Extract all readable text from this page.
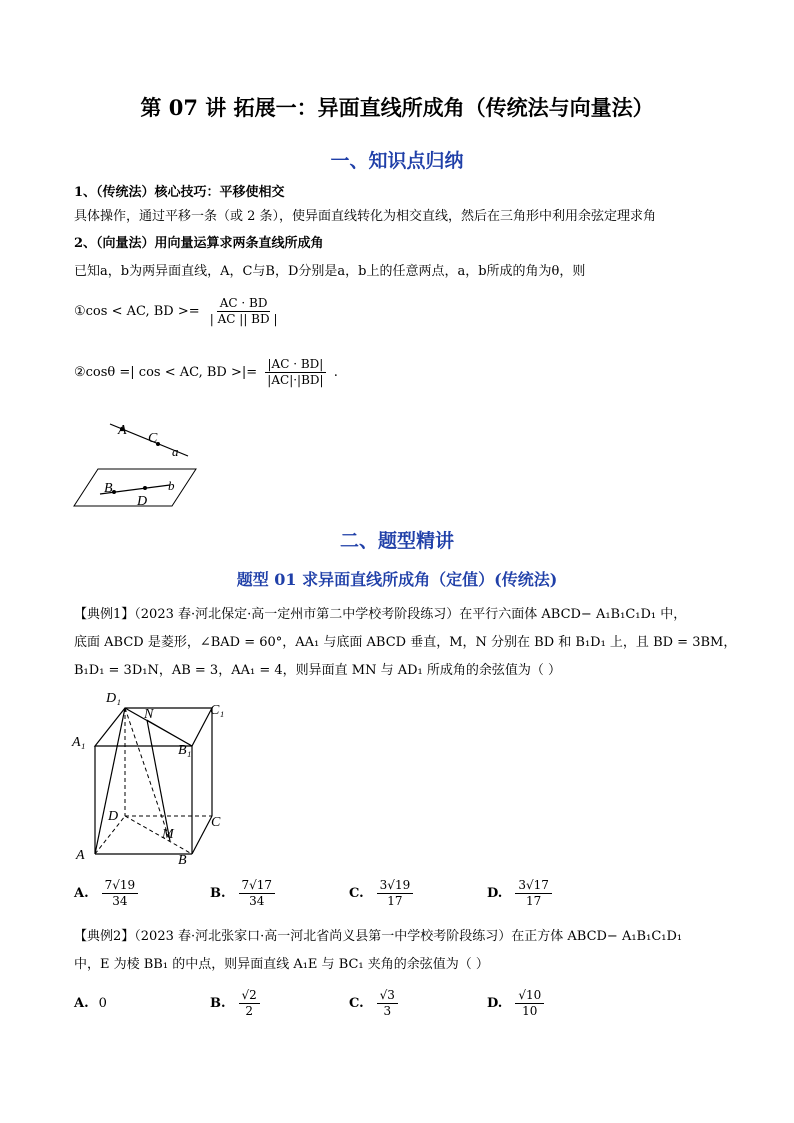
第 07 讲 拓展一：异面直线所成角（传统法与向量法）
一、知识点归纳
1、（传统法）核心技巧：平移使相交
具体操作，通过平移一条（或 2 条），使异面直线转化为相交直线，然后在三角形中利用余弦定理求角
2、（向量法）用向量运算求两条直线所成角
已知a，b为两异面直线，A，C与B，D分别是a，b上的任意两点，a，b所成的角为θ，则
①cos < AC, BD >= $\frac{AC \cdot BD}{| AC || BD |}$
②cosθ =| cos < AC, BD >|= $\frac{|AC \cdot BD|}{|AC|\cdot|BD|}$ .
A
C
a
B
D
b
二、题型精讲
题型 01 求异面直线所成角（定值）(传统法)
【典例1】（2023 春·河北保定·高一定州市第二中学校考阶段练习）在平行六面体 ABCD− A₁B₁C₁D₁ 中，
底面 ABCD 是菱形，∠BAD = 60°，AA₁ 与底面 ABCD 垂直，M，N 分别在 BD 和 B₁D₁ 上，且 BD = 3BM，
B₁D₁ = 3D₁N，AB = 3，AA₁ = 4，则异面直 MN 与 AD₁ 所成角的余弦值为（ ）
D₁
N	C₁
A₁
B₁
D	C
M
A	B
A. $\frac{7√19}{34}$	B. $\frac{7√17}{34}$	C. $\frac{3√19}{17}$	D. $\frac{3√17}{17}$
【典例2】（2023 春·河北张家口·高一河北省尚义县第一中学校考阶段练习）在正方体 ABCD− A₁B₁C₁D₁
中，E 为棱 BB₁ 的中点，则异面直线 A₁E 与 BC₁ 夹角的余弦值为（ ）
A. 0	B. $\frac{√2}{2}$	C. $\frac{√3}{3}$	D. $\frac{√10}{10}$
